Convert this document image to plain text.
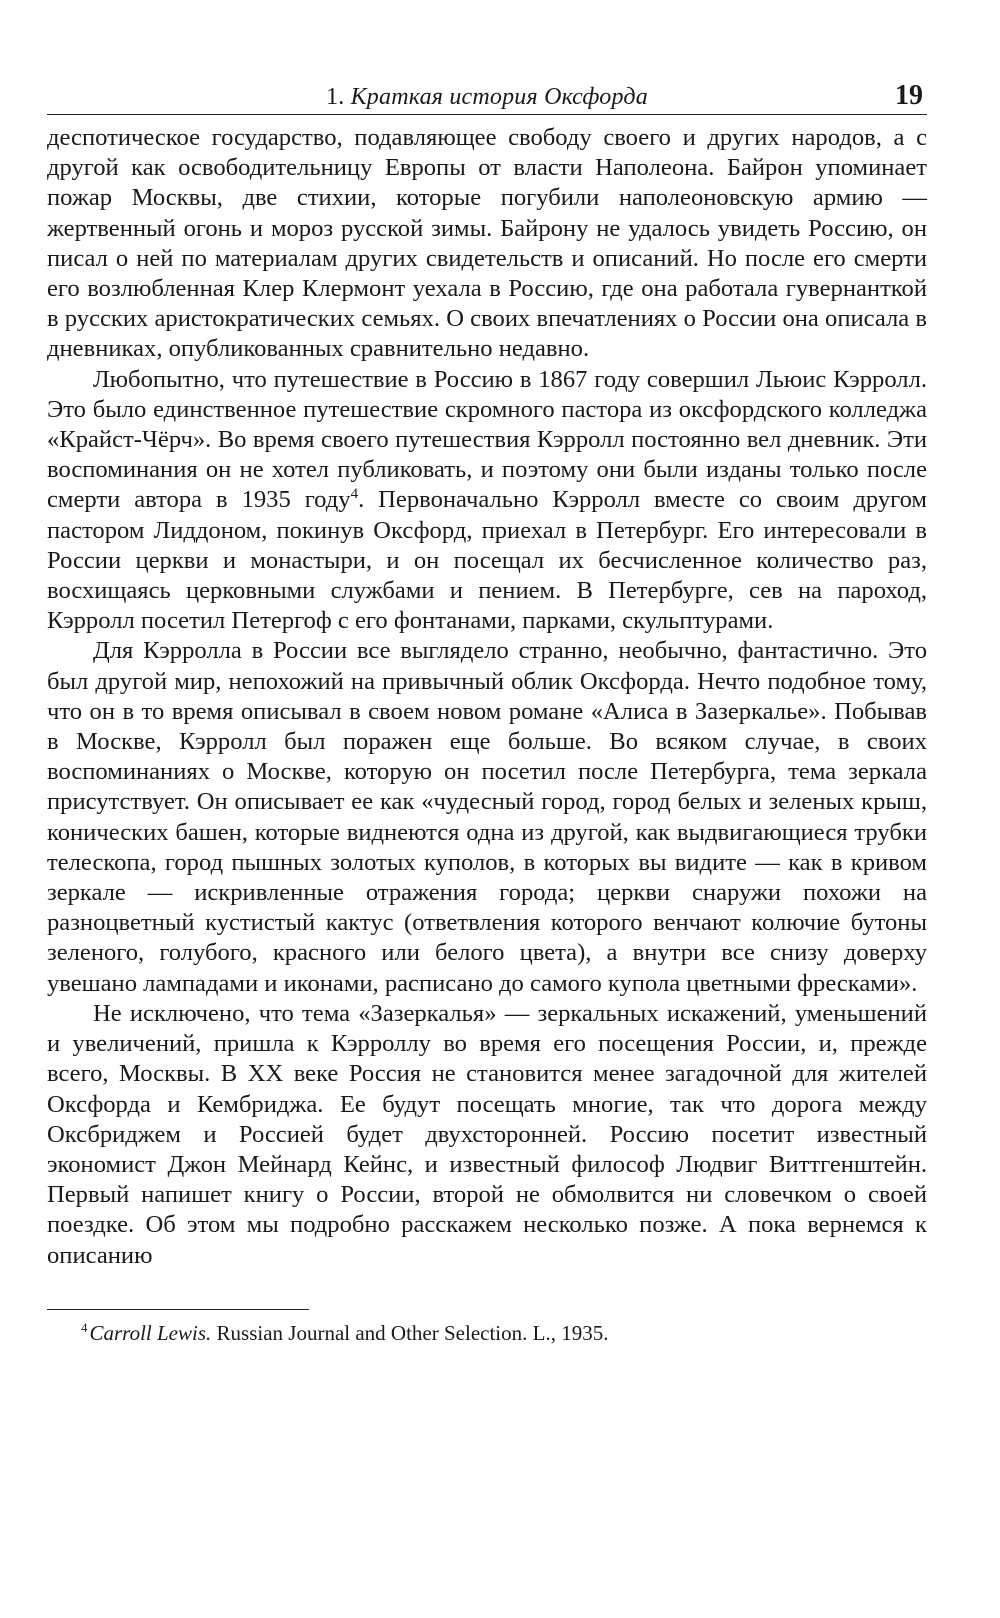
1. Краткая история Оксфорда	19

деспотическое государство, подавляющее свободу своего и других народов, а с другой как освободительницу Европы от власти Наполеона. Байрон упоминает пожар Москвы, две стихии, которые погубили наполеоновскую армию — жертвенный огонь и мороз русской зимы. Байрону не удалось увидеть Россию, он писал о ней по материалам других свидетельств и описаний. Но после его смерти его возлюбленная Клер Клермонт уехала в Россию, где она работала гувернанткой в русских аристократических семьях. О своих впечатлениях о России она описала в дневниках, опубликованных сравнительно недавно.

Любопытно, что путешествие в Россию в 1867 году совершил Льюис Кэрролл. Это было единственное путешествие скромного пастора из оксфордского колледжа «Крайст-Чёрч». Во время своего путешествия Кэрролл постоянно вел дневник. Эти воспоминания он не хотел публиковать, и поэтому они были изданы только после смерти автора в 1935 году$^4$. Первоначально Кэрролл вместе со своим другом пастором Лиддоном, покинув Оксфорд, приехал в Петербург. Его интересовали в России церкви и монастыри, и он посещал их бесчисленное количество раз, восхищаясь церковными службами и пением. В Петербурге, сев на пароход, Кэрролл посетил Петергоф с его фонтанами, парками, скульптурами.

Для Кэрролла в России все выглядело странно, необычно, фантастично. Это был другой мир, непохожий на привычный облик Оксфорда. Нечто подобное тому, что он в то время описывал в своем новом романе «Алиса в Зазеркалье». Побывав в Москве, Кэрролл был поражен еще больше. Во всяком случае, в своих воспоминаниях о Москве, которую он посетил после Петербурга, тема зеркала присутствует. Он описывает ее как «чудесный город, город белых и зеленых крыш, конических башен, которые виднеются одна из другой, как выдвигающиеся трубки телескопа, город пышных золотых куполов, в которых вы видите — как в кривом зеркале — искривленные отражения города; церкви снаружи похожи на разноцветный кустистый кактус (ответвления которого венчают колючие бутоны зеленого, голубого, красного или белого цвета), а внутри все снизу доверху увешано лампадами и иконами, расписано до самого купола цветными фресками».

Не исключено, что тема «Зазеркалья» — зеркальных искажений, уменьшений и увеличений, пришла к Кэрроллу во время его посещения России, и, прежде всего, Москвы. В XX веке Россия не становится менее загадочной для жителей Оксфорда и Кембриджа. Ее будут посещать многие, так что дорога между Оксбриджем и Россией будет двухсторонней. Россию посетит известный экономист Джон Мейнард Кейнс, и известный философ Людвиг Виттгенштейн. Первый напишет книгу о России, второй не обмолвится ни словечком о своей поездке. Об этом мы подробно расскажем несколько позже. А пока вернемся к описанию

$^4$Carroll Lewis. Russian Journal and Other Selection. L., 1935.
